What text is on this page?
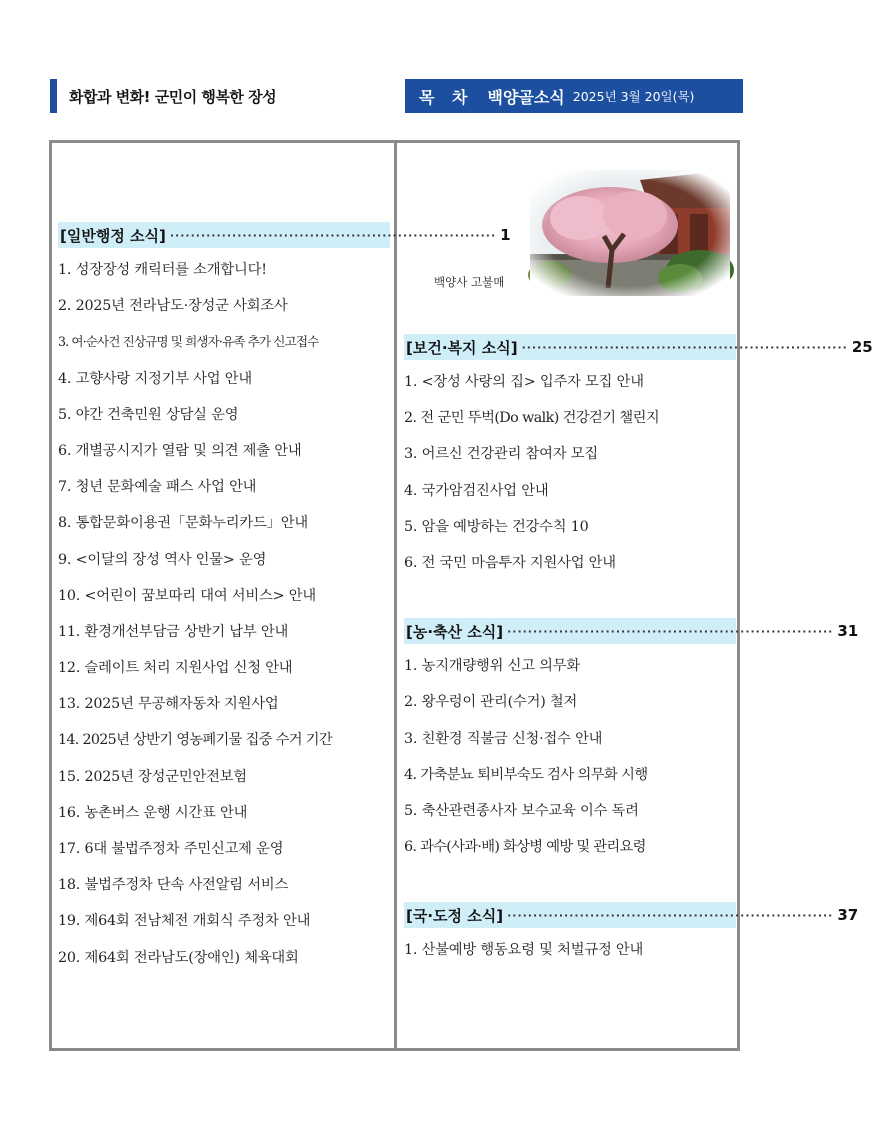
화합과 변화! 군민이 행복한 장성	목 차 백양골소식 2025년 3월 20일(목)
백양사 고불매
[일반행정 소식] ······························································· 1
1. 성장장성 캐릭터를 소개합니다!
2. 2025년 전라남도·장성군 사회조사
3. 여·순사건 진상규명 및 희생자·유족 추가 신고접수
4. 고향사랑 지정기부 사업 안내
5. 야간 건축민원 상담실 운영
6. 개별공시지가 열람 및 의견 제출 안내
7. 청년 문화예술 패스 사업 안내
8. 통합문화이용권「문화누리카드」안내
9. <이달의 장성 역사 인물> 운영
10. <어린이 꿈보따리 대여 서비스> 안내
11. 환경개선부담금 상반기 납부 안내
12. 슬레이트 처리 지원사업 신청 안내
13. 2025년 무공해자동차 지원사업
14. 2025년 상반기 영농폐기물 집중 수거 기간
15. 2025년 장성군민안전보험
16. 농촌버스 운행 시간표 안내
17. 6대 불법주정차 주민신고제 운영
18. 불법주정차 단속 사전알림 서비스
19. 제64회 전남체전 개회식 주정차 안내
20. 제64회 전라남도(장애인) 체육대회
[보건·복지 소식] ······························································· 25
1. <장성 사랑의 집> 입주자 모집 안내
2. 전 군민 뚜벅(Do walk) 건강걷기 챌린지
3. 어르신 건강관리 참여자 모집
4. 국가암검진사업 안내
5. 암을 예방하는 건강수칙 10
6. 전 국민 마음투자 지원사업 안내
[농·축산 소식] ······························································· 31
1. 농지개량행위 신고 의무화
2. 왕우렁이 관리(수거) 철저
3. 친환경 직불금 신청·접수 안내
4. 가축분뇨 퇴비부숙도 검사 의무화 시행
5. 축산관련종사자 보수교육 이수 독려
6. 과수(사과·배) 화상병 예방 및 관리요령
[국·도정 소식] ······························································· 37
1. 산불예방 행동요령 및 처벌규정 안내
